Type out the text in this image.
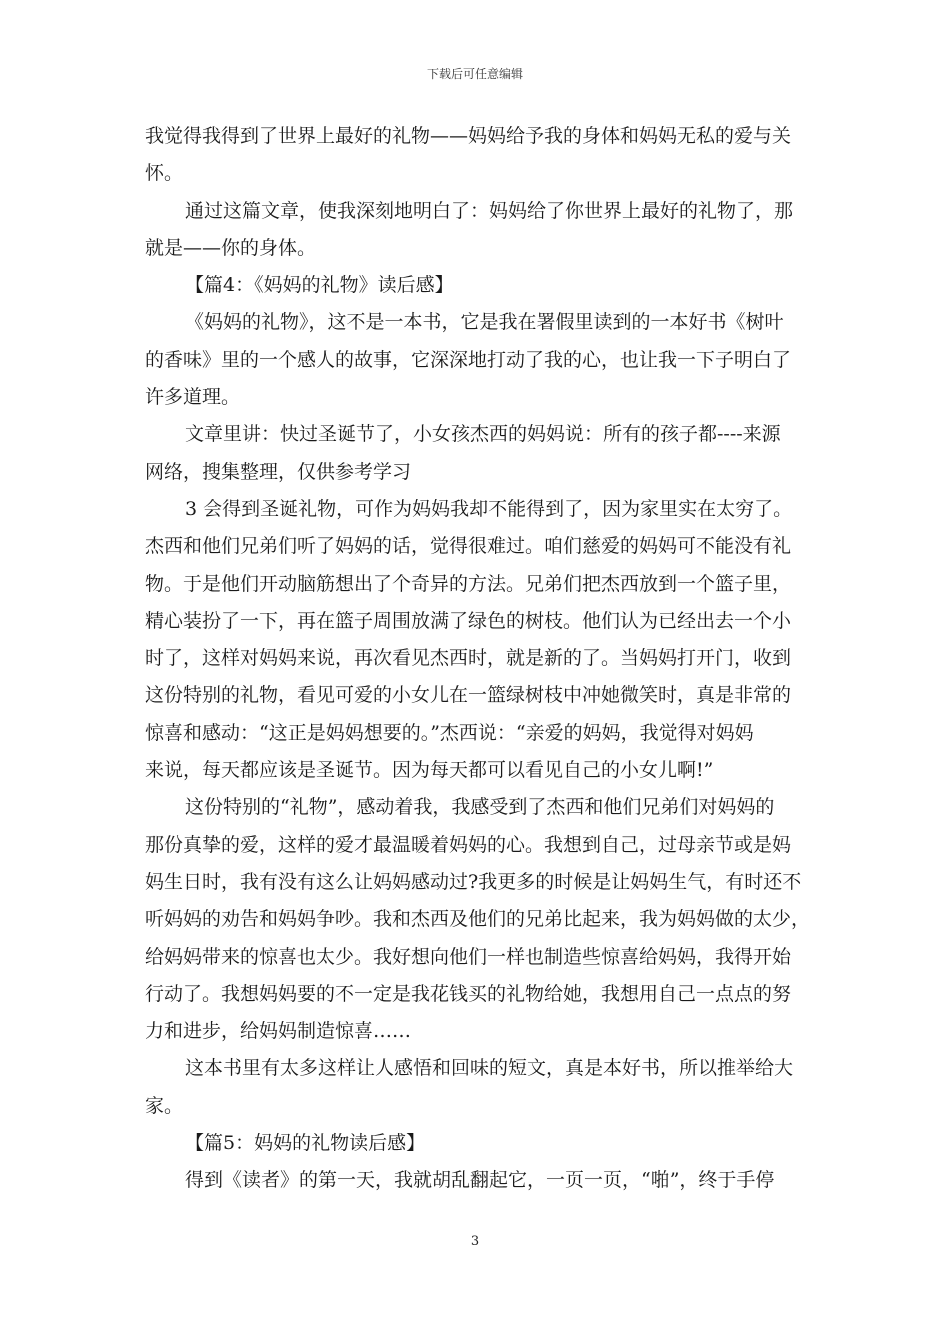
下载后可任意编辑

我觉得我得到了世界上最好的礼物——妈妈给予我的身体和妈妈无私的爱与关

怀。

通过这篇文章，使我深刻地明白了：妈妈给了你世界上最好的礼物了，那

就是——你的身体。

【篇4：《妈妈的礼物》读后感】

《妈妈的礼物》，这不是一本书，它是我在署假里读到的一本好书《树叶

的香味》里的一个感人的故事，它深深地打动了我的心，也让我一下子明白了

许多道理。

文章里讲：快过圣诞节了，小女孩杰西的妈妈说：所有的孩子都----来源

网络，搜集整理，仅供参考学习

3 会得到圣诞礼物，可作为妈妈我却不能得到了，因为家里实在太穷了。

杰西和他们兄弟们听了妈妈的话，觉得很难过。咱们慈爱的妈妈可不能没有礼

物。于是他们开动脑筋想出了个奇异的方法。兄弟们把杰西放到一个篮子里，

精心装扮了一下，再在篮子周围放满了绿色的树枝。他们认为已经出去一个小

时了，这样对妈妈来说，再次看见杰西时，就是新的了。当妈妈打开门，收到

这份特别的礼物，看见可爱的小女儿在一篮绿树枝中冲她微笑时，真是非常的

惊喜和感动：“这正是妈妈想要的。”杰西说：“亲爱的妈妈，我觉得对妈妈

来说，每天都应该是圣诞节。因为每天都可以看见自己的小女儿啊!”

这份特别的“礼物”，感动着我，我感受到了杰西和他们兄弟们对妈妈的

那份真挚的爱，这样的爱才最温暖着妈妈的心。我想到自己，过母亲节或是妈

妈生日时，我有没有这么让妈妈感动过?我更多的时候是让妈妈生气，有时还不

听妈妈的劝告和妈妈争吵。我和杰西及他们的兄弟比起来，我为妈妈做的太少，

给妈妈带来的惊喜也太少。我好想向他们一样也制造些惊喜给妈妈，我得开始

行动了。我想妈妈要的不一定是我花钱买的礼物给她，我想用自己一点点的努

力和进步，给妈妈制造惊喜……

这本书里有太多这样让人感悟和回味的短文，真是本好书，所以推举给大

家。

【篇5：妈妈的礼物读后感】

得到《读者》的第一天，我就胡乱翻起它，一页一页，“啪”，终于手停

3
